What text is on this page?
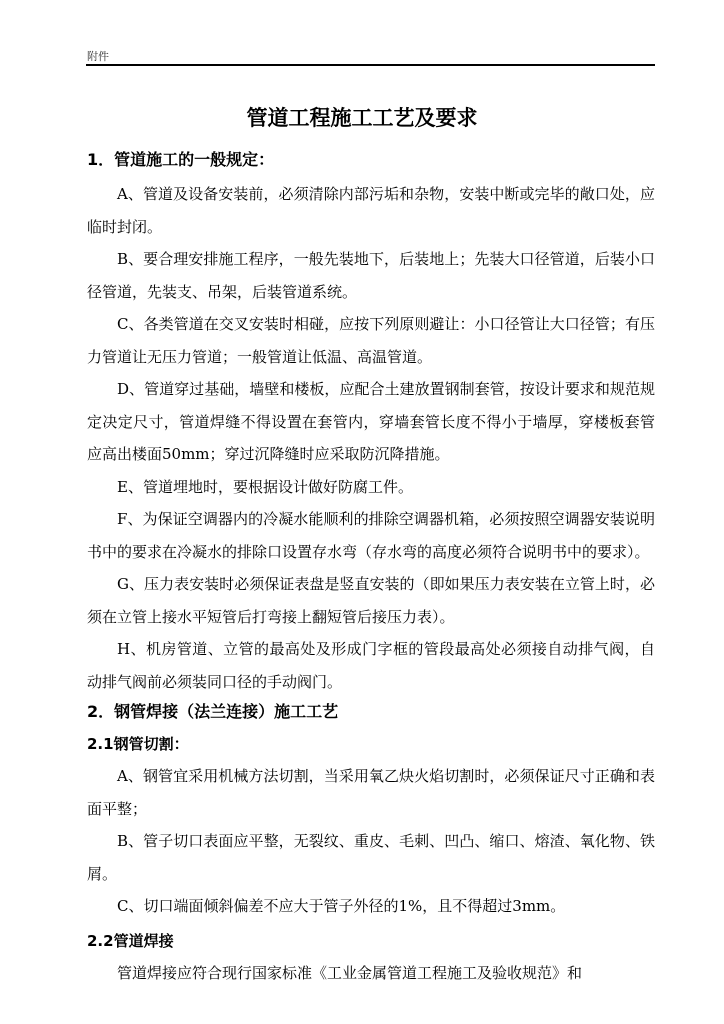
附件
管道工程施工工艺及要求
1．管道施工的一般规定：

A、管道及设备安装前，必须清除内部污垢和杂物，安装中断或完毕的敞口处，应临时封闭。

B、要合理安排施工程序，一般先装地下，后装地上；先装大口径管道，后装小口径管道，先装支、吊架，后装管道系统。

C、各类管道在交叉安装时相碰，应按下列原则避让：小口径管让大口径管；有压力管道让无压力管道；一般管道让低温、高温管道。

D、管道穿过基础，墙壁和楼板，应配合土建放置钢制套管，按设计要求和规范规定决定尺寸，管道焊缝不得设置在套管内，穿墙套管长度不得小于墙厚，穿楼板套管应高出楼面50mm；穿过沉降缝时应采取防沉降措施。

E、管道埋地时，要根据设计做好防腐工件。

F、为保证空调器内的冷凝水能顺利的排除空调器机箱，必须按照空调器安装说明书中的要求在冷凝水的排除口设置存水弯（存水弯的高度必须符合说明书中的要求）。

G、压力表安装时必须保证表盘是竖直安装的（即如果压力表安装在立管上时，必须在立管上接水平短管后打弯接上翻短管后接压力表）。

H、机房管道、立管的最高处及形成门字框的管段最高处必须接自动排气阀，自动排气阀前必须装同口径的手动阀门。

2．钢管焊接（法兰连接）施工工艺
2.1钢管切割：

A、钢管宜采用机械方法切割，当采用氧乙炔火焰切割时，必须保证尺寸正确和表面平整；

B、管子切口表面应平整，无裂纹、重皮、毛刺、凹凸、缩口、熔渣、氧化物、铁屑。

C、切口端面倾斜偏差不应大于管子外径的1%，且不得超过3mm。

2.2管道焊接

管道焊接应符合现行国家标准《工业金属管道工程施工及验收规范》和
